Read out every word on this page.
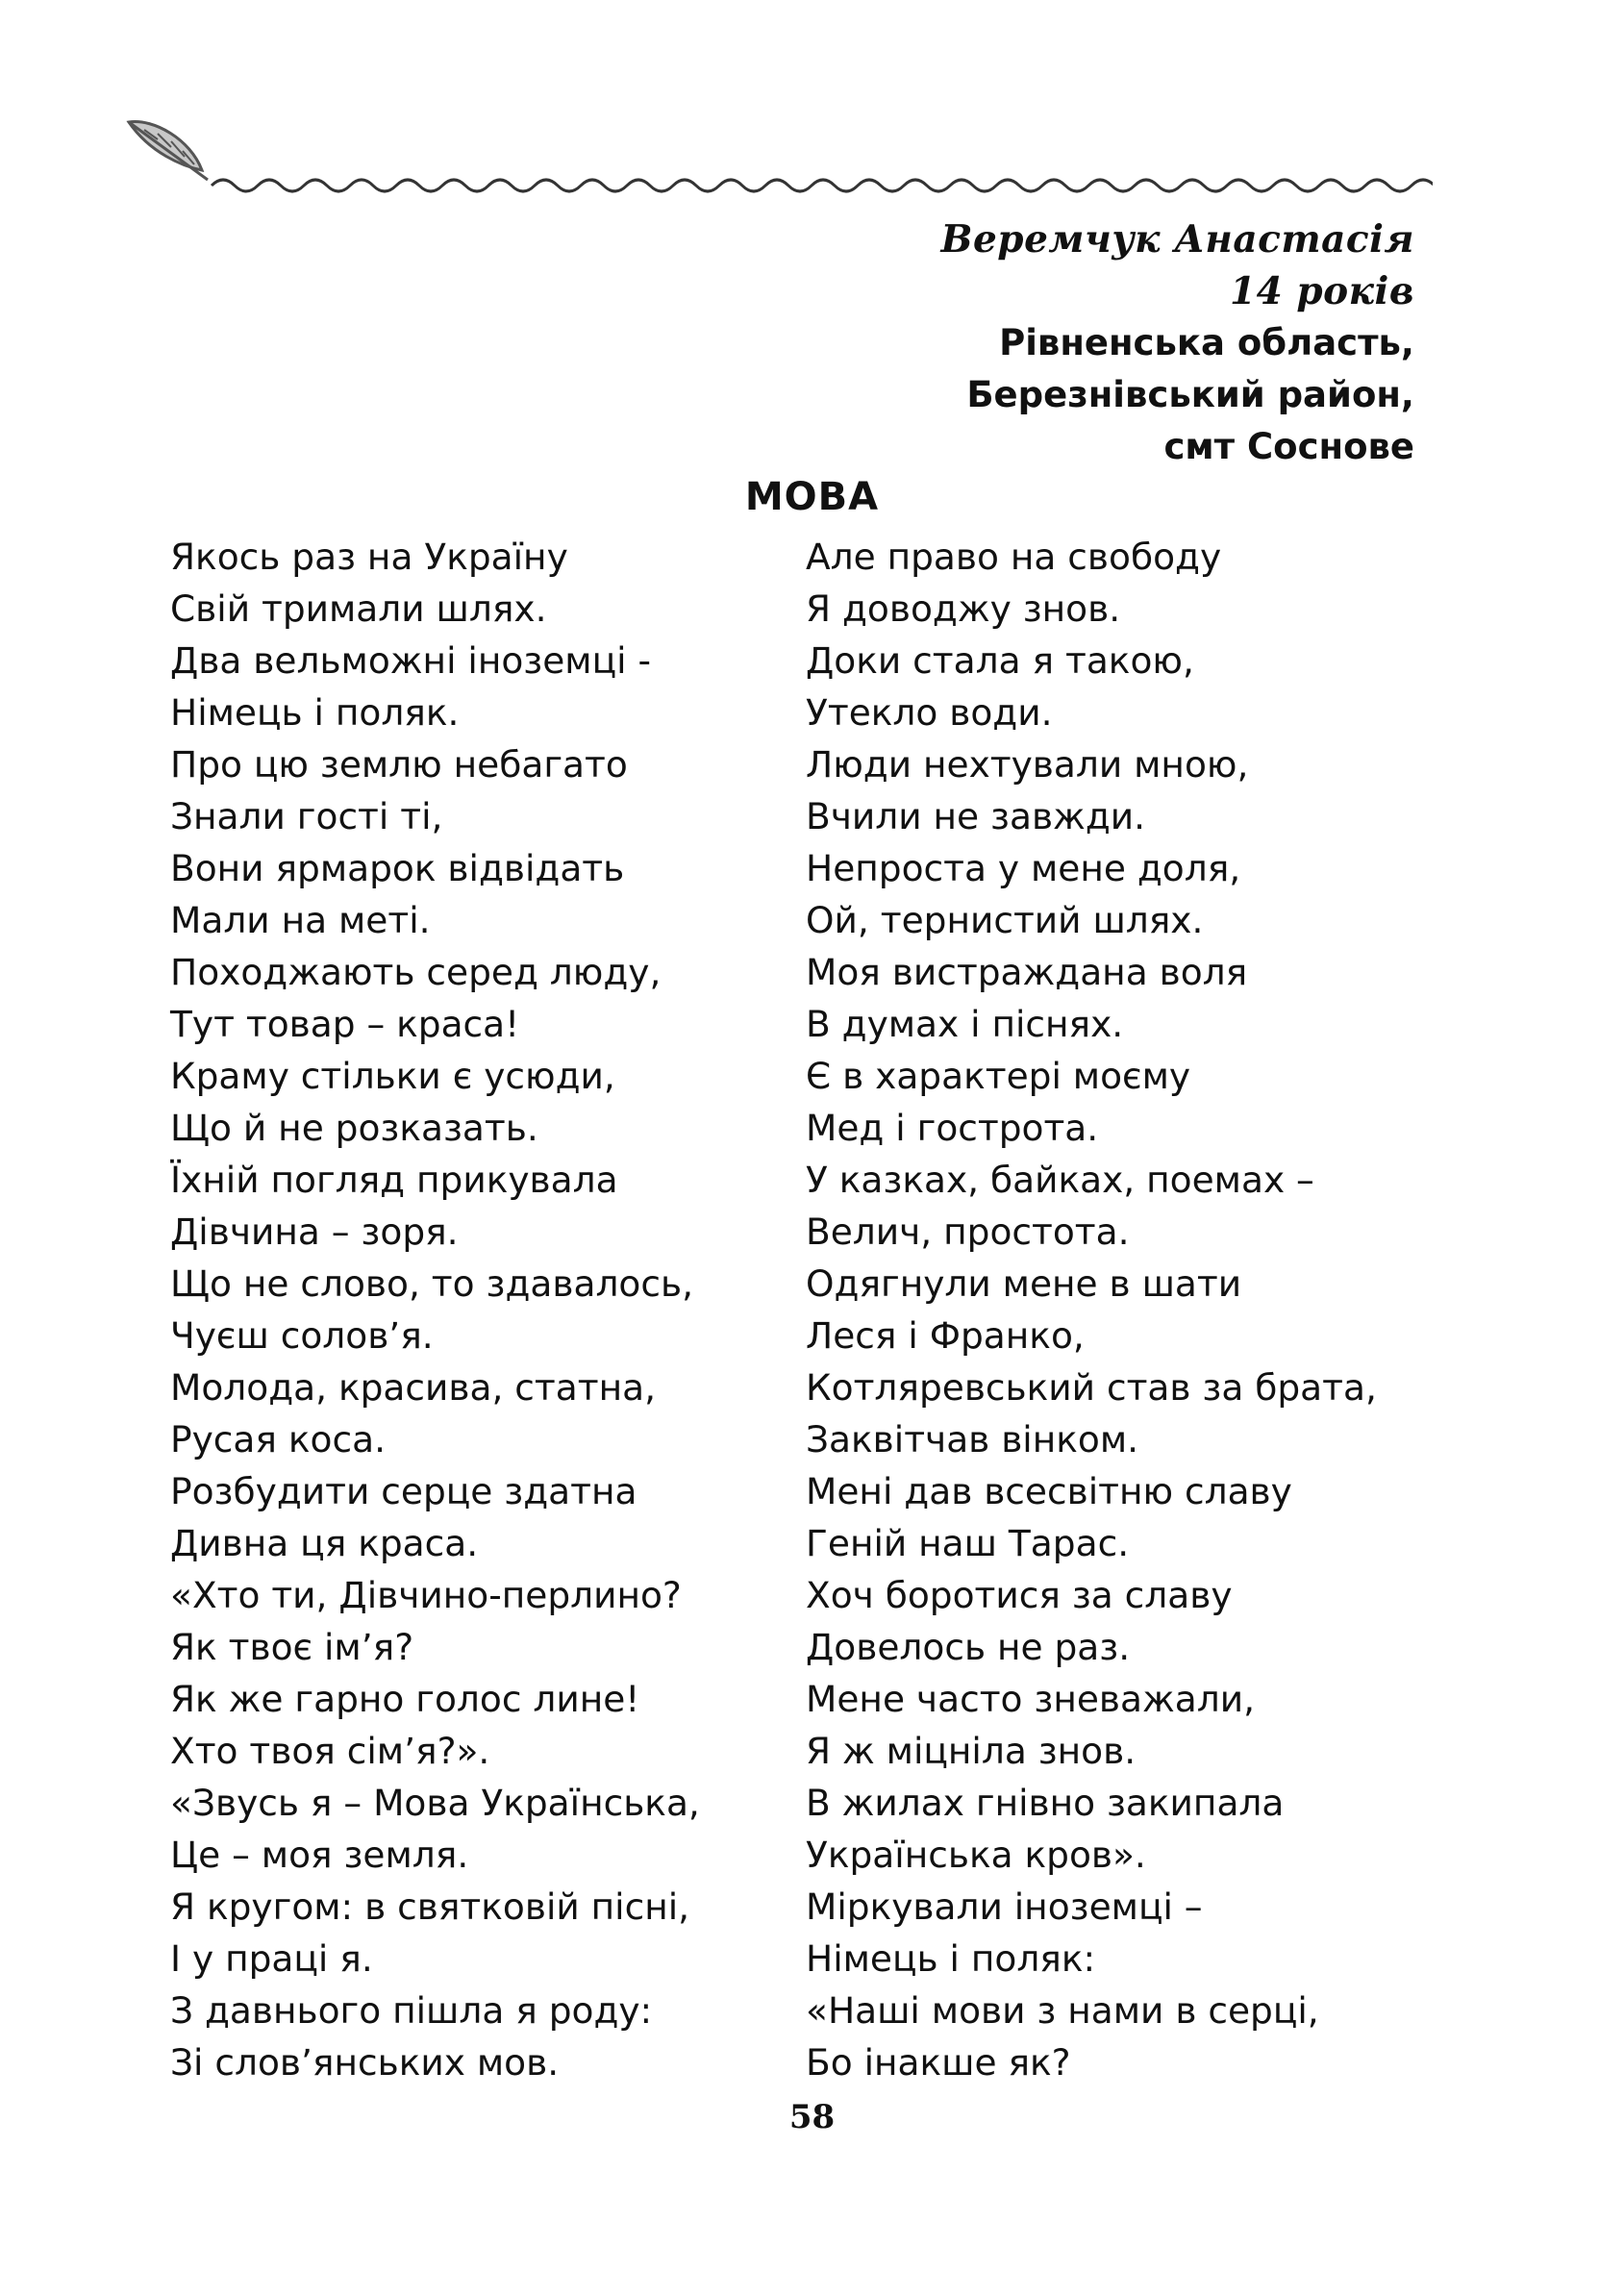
Веремчук Анастасія
14 років
Рівненська область,
Березнівський район,
смт Соснове
МОВА
Якось раз на Україну
Свій тримали шлях.
Два вельможні іноземці -
Німець і поляк.
Про цю землю небагато
Знали гості ті,
Вони ярмарок відвідать
Мали на меті.
Походжають серед люду,
Тут товар – краса!
Краму стільки є усюди,
Що й не розказать.
Їхній погляд прикувала
Дівчина – зоря.
Що не слово, то здавалось,
Чуєш солов’я.
Молода, красива, статна,
Русая коса.
Розбудити серце здатна
Дивна ця краса.
«Хто ти, Дівчино-перлино?
Як твоє ім’я?
Як же гарно голос лине!
Хто твоя сім’я?».
«Звусь я – Мова Українська,
Це – моя земля.
Я кругом: в святковій пісні,
І у праці я.
З давнього пішла я роду:
Зі слов’янських мов.
Але право на свободу
Я доводжу знов.
Доки стала я такою,
Утекло води.
Люди нехтували мною,
Вчили не завжди.
Непроста у мене доля,
Ой, тернистий шлях.
Моя вистраждана воля
В думах і піснях.
Є в характері моєму
Мед і гострота.
У казках, байках, поемах –
Велич, простота.
Одягнули мене в шати
Леся і Франко,
Котляревський став за брата,
Заквітчав вінком.
Мені дав всесвітню славу
Геній наш Тарас.
Хоч боротися за славу
Довелось не раз.
Мене часто зневажали,
Я ж міцніла знов.
В жилах гнівно закипала
Українська кров».
Міркували іноземці –
Німець і поляк:
«Наші мови з нами в серці,
Бо інакше як?
58
